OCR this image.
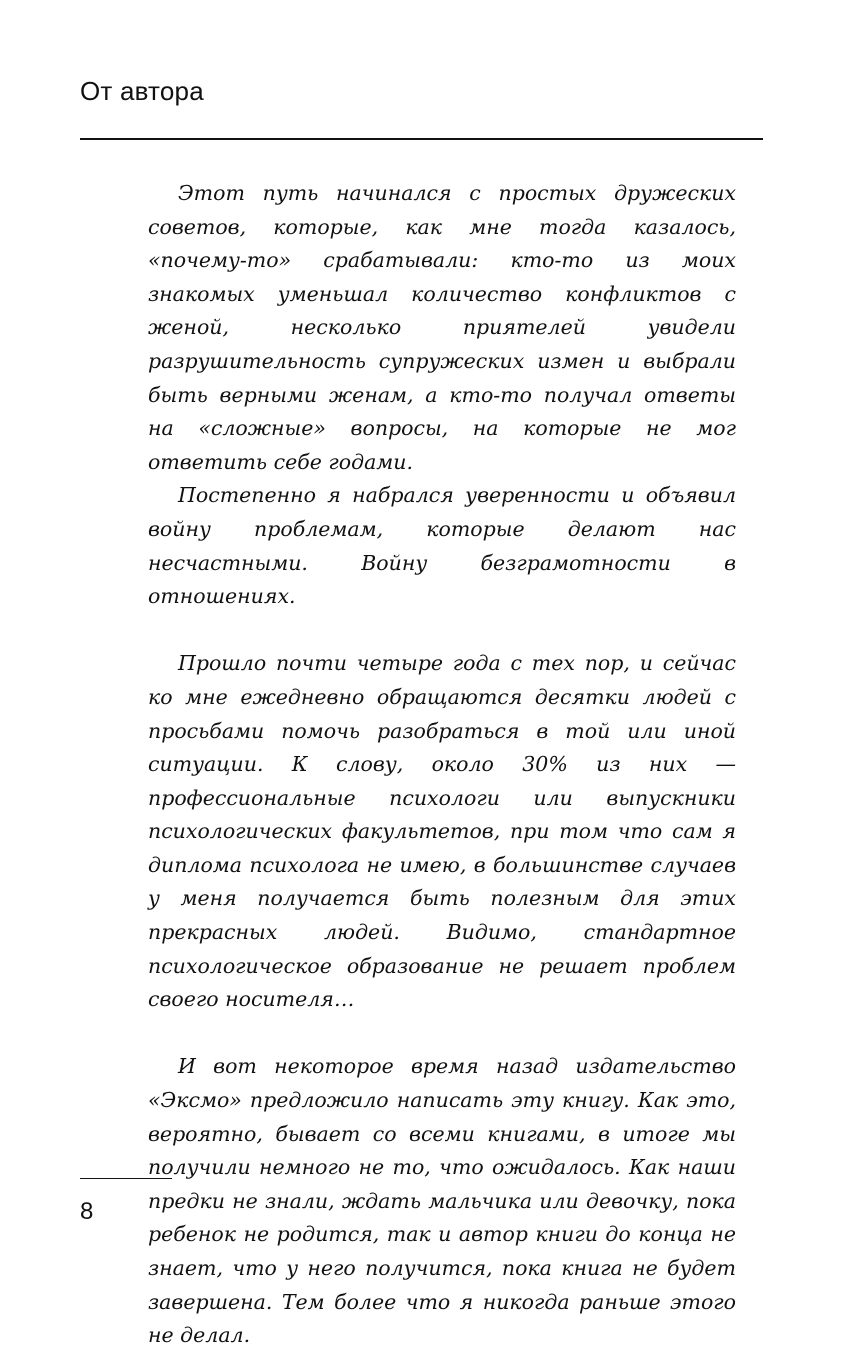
От автора

Этот путь начинался с простых дружеских советов, которые, как мне тогда казалось, «почему-то» срабатывали: кто-то из моих знакомых уменьшал количество конфликтов с женой, несколько приятелей увидели разрушительность супружеских измен и выбрали быть верными женам, а кто-то получал ответы на «сложные» вопросы, на которые не мог ответить себе годами.

Постепенно я набрался уверенности и объявил войну проблемам, которые делают нас несчастными. Войну безграмотности в отношениях.

Прошло почти четыре года с тех пор, и сейчас ко мне ежедневно обращаются десятки людей с просьбами помочь разобраться в той или иной ситуации. К слову, около 30% из них — профессиональные психологи или выпускники психологических факультетов, при том что сам я диплома психолога не имею, в большинстве случаев у меня получается быть полезным для этих прекрасных людей. Видимо, стандартное психологическое образование не решает проблем своего носителя…

И вот некоторое время назад издательство «Эксмо» предложило написать эту книгу. Как это, вероятно, бывает со всеми книгами, в итоге мы получили немного не то, что ожидалось. Как наши предки не знали, ждать мальчика или девочку, пока ребенок не родится, так и автор книги до конца не знает, что у него получится, пока книга не будет завершена. Тем более что я никогда раньше этого не делал.

8
